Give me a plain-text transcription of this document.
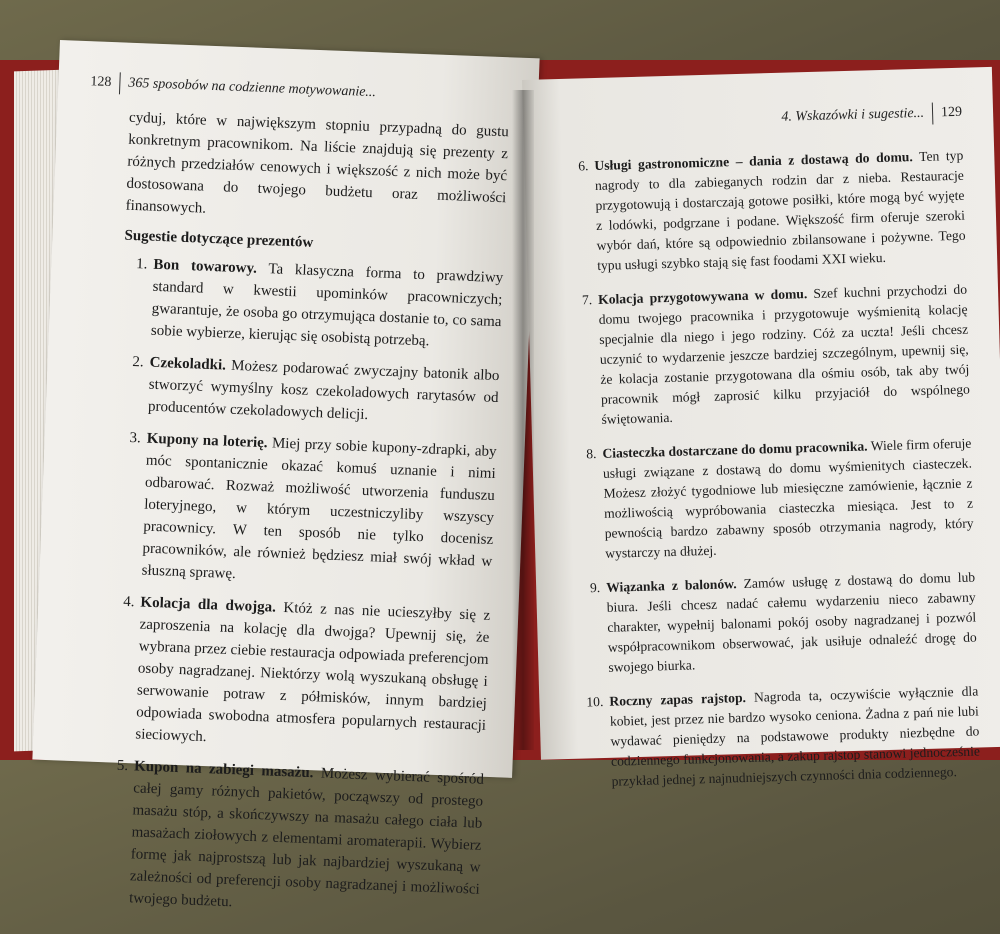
128 365 sposobów na codzienne motywowanie...

cyduj, które w największym stopniu przypadną do gustu konkretnym pracownikom. Na liście znajdują się prezenty z różnych przedziałów cenowych i większość z nich może być dostosowana do twojego budżetu oraz możliwości finansowych.

Sugestie dotyczące prezentów

1. Bon towarowy. Ta klasyczna forma to prawdziwy standard w kwestii upominków pracowniczych; gwarantuje, że osoba go otrzymująca dostanie to, co sama sobie wybierze, kierując się osobistą potrzebą.

2. Czekoladki. Możesz podarować zwyczajny batonik albo stworzyć wymyślny kosz czekoladowych rarytasów od producentów czekoladowych delicji.

3. Kupony na loterię. Miej przy sobie kupony-zdrapki, aby móc spontanicznie okazać komuś uznanie i nimi odbarować. Rozważ możliwość utworzenia funduszu loteryjnego, w którym uczestniczyliby wszyscy pracownicy. W ten sposób nie tylko docenisz pracowników, ale również będziesz miał swój wkład w słuszną sprawę.

4. Kolacja dla dwojga. Któż z nas nie ucieszyłby się z zaproszenia na kolację dla dwojga? Upewnij się, że wybrana przez ciebie restauracja odpowiada preferencjom osoby nagradzanej. Niektórzy wolą wyszukaną obsługę i serwowanie potraw z półmisków, innym bardziej odpowiada swobodna atmosfera popularnych restauracji sieciowych.

5. Kupon na zabiegi masażu. Możesz wybierać spośród całej gamy różnych pakietów, począwszy od prostego masażu stóp, a skończywszy na masażu całego ciała lub masażach ziołowych z elementami aromaterapii. Wybierz formę jak najprostszą lub jak najbardziej wyszukaną w zależności od preferencji osoby nagradzanej i możliwości twojego budżetu.

4. Wskazówki i sugestie... 129
6. Usługi gastronomiczne – dania z dostawą do domu. Ten typ nagrody to dla zabieganych rodzin dar z nieba. Restauracje przygotowują i dostarczają gotowe posiłki, które mogą być wyjęte z lodówki, podgrzane i podane. Większość firm oferuje szeroki wybór dań, które są odpowiednio zbilansowane i pożywne. Tego typu usługi szybko stają się fast foodami XXI wieku.

7. Kolacja przygotowywana w domu. Szef kuchni przychodzi do domu twojego pracownika i przygotowuje wyśmienitą kolację specjalnie dla niego i jego rodziny. Cóż za uczta! Jeśli chcesz uczynić to wydarzenie jeszcze bardziej szczególnym, upewnij się, że kolacja zostanie przygotowana dla ośmiu osób, tak aby twój pracownik mógł zaprosić kilku przyjaciół do wspólnego świętowania.

8. Ciasteczka dostarczane do domu pracownika. Wiele firm oferuje usługi związane z dostawą do domu wyśmienitych ciasteczek. Możesz złożyć tygodniowe lub miesięczne zamówienie, łącznie z możliwością wypróbowania ciasteczka miesiąca. Jest to z pewnością bardzo zabawny sposób otrzymania nagrody, który wystarczy na dłużej.

9. Wiązanka z balonów. Zamów usługę z dostawą do domu lub biura. Jeśli chcesz nadać całemu wydarzeniu nieco zabawny charakter, wypełnij balonami pokój osoby nagradzanej i pozwól współpracownikom obserwować, jak usiłuje odnaleźć drogę do swojego biurka.

10. Roczny zapas rajstop. Nagroda ta, oczywiście wyłącznie dla kobiet, jest przez nie bardzo wysoko ceniona. Żadna z pań nie lubi wydawać pieniędzy na podstawowe produkty niezbędne do codziennego funkcjonowania, a zakup rajstop stanowi jednocześnie przykład jednej z najnudniejszych czynności dnia codziennego.
